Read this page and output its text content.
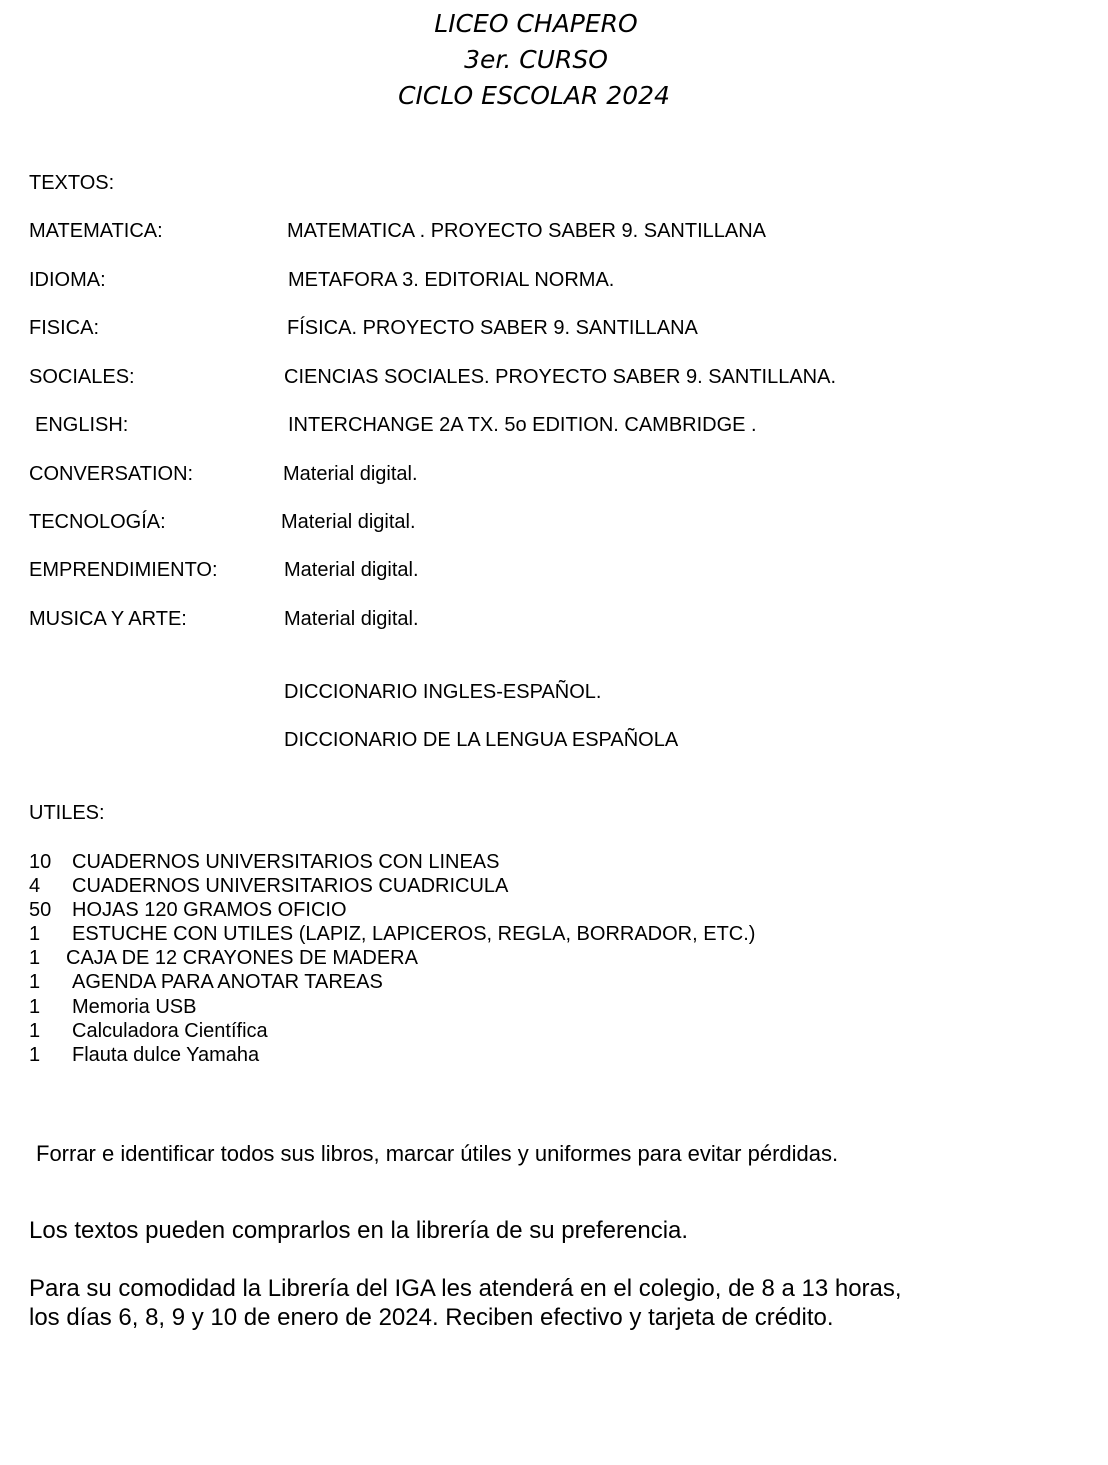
LICEO CHAPERO
3er. CURSO
CICLO ESCOLAR 2024
TEXTOS:
MATEMATICA:	MATEMATICA . PROYECTO SABER 9. SANTILLANA
IDIOMA:	METAFORA 3. EDITORIAL NORMA.
FISICA:	FÍSICA. PROYECTO SABER 9. SANTILLANA
SOCIALES:	CIENCIAS SOCIALES. PROYECTO SABER 9. SANTILLANA.
ENGLISH:	INTERCHANGE 2A TX. 5o EDITION. CAMBRIDGE .
CONVERSATION:	Material digital.
TECNOLOGÍA:	Material digital.
EMPRENDIMIENTO:	Material digital.
MUSICA Y ARTE:	Material digital.
DICCIONARIO INGLES-ESPAÑOL.
DICCIONARIO DE LA LENGUA ESPAÑOLA
UTILES:
10 CUADERNOS UNIVERSITARIOS CON LINEAS
4 CUADERNOS UNIVERSITARIOS CUADRICULA
50 HOJAS 120 GRAMOS OFICIO
1 ESTUCHE CON UTILES (LAPIZ, LAPICEROS, REGLA, BORRADOR, ETC.)
1 CAJA DE 12 CRAYONES DE MADERA
1 AGENDA PARA ANOTAR TAREAS
1 Memoria USB
1 Calculadora Científica
1 Flauta dulce Yamaha
Forrar e identificar todos sus libros, marcar útiles y uniformes para evitar pérdidas.
Los textos pueden comprarlos en la librería de su preferencia.
Para su comodidad la Librería del IGA les atenderá en el colegio, de 8 a 13 horas,
los días 6, 8, 9 y 10 de enero de 2024. Reciben efectivo y tarjeta de crédito.
